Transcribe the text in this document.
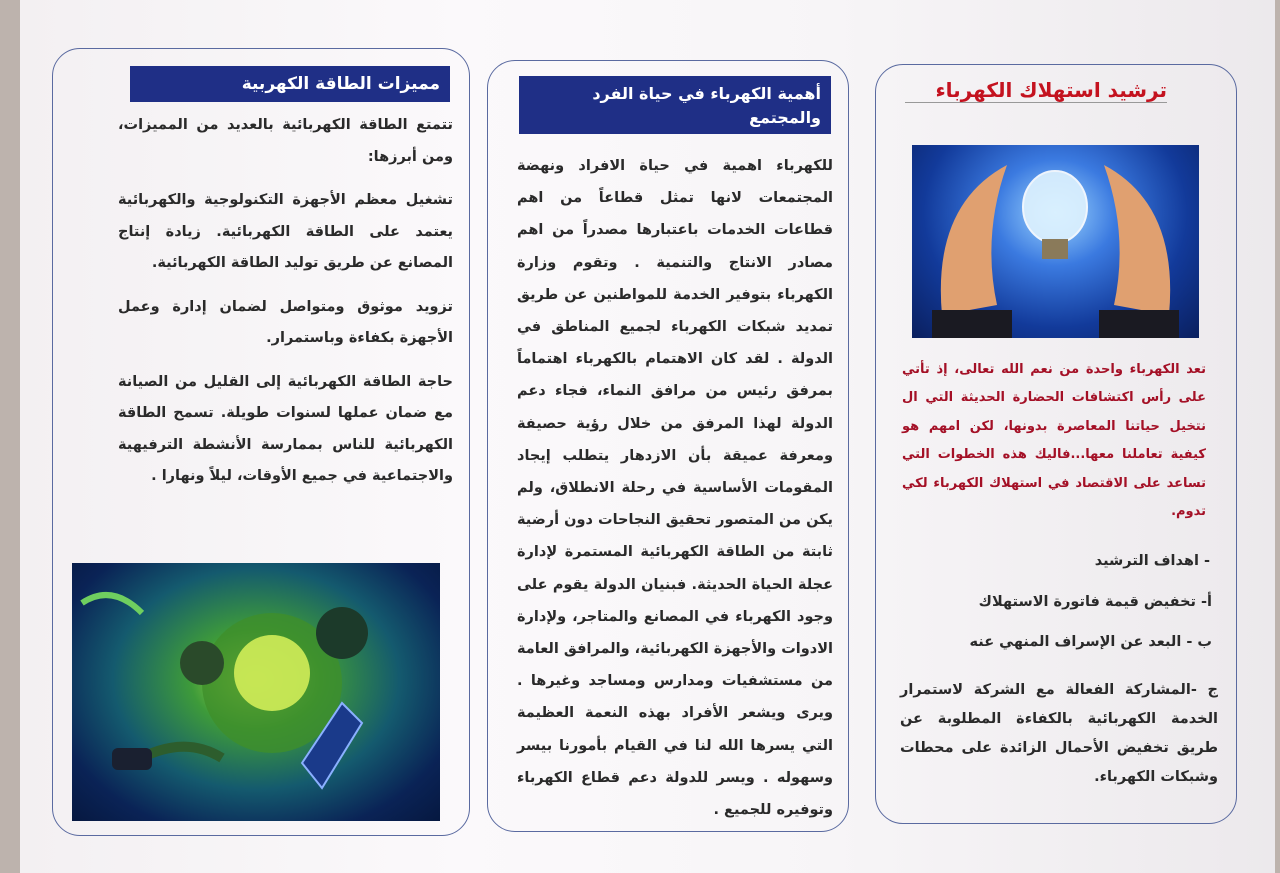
مميزات الطاقة الكهربية

تتمتع الطاقة الكهربائية بالعديد من المميزات، ومن أبرزها:

تشغيل معظم الأجهزة التكنولوجية والكهربائية يعتمد على الطاقة الكهربائية. زيادة إنتاج المصانع عن طريق توليد الطاقة الكهربائية.

تزويد موثوق ومتواصل لضمان إدارة وعمل الأجهزة بكفاءة وباستمرار.

حاجة الطاقة الكهربائية إلى القليل من الصيانة مع ضمان عملها لسنوات طويلة. تسمح الطاقة الكهربائية للناس بممارسة الأنشطة الترفيهية والاجتماعية في جميع الأوقات، ليلاً ونهارا .

أهمية الكهرباء في حياة الفرد والمجتمع

للكهرباء اهمية في حياة الافراد ونهضة المجتمعات لانها تمثل قطاعاً من اهم قطاعات الخدمات باعتبارها مصدراً من اهم مصادر الانتاج والتنمية . وتقوم وزارة الكهرباء بتوفير الخدمة للمواطنين عن طريق تمديد شبكات الكهرباء لجميع المناطق في الدولة . لقد كان الاهتمام بالكهرباء اهتماماً بمرفق رئيس من مرافق النماء، فجاء دعم الدولة لهذا المرفق من خلال رؤية حصيفة ومعرفة عميقة بأن الازدهار يتطلب إيجاد المقومات الأساسية في رحلة الانطلاق، ولم يكن من المتصور تحقيق النجاحات دون أرضية ثابتة من الطاقة الكهربائية المستمرة لإدارة عجلة الحياة الحديثة. فبنيان الدولة يقوم على وجود الكهرباء في المصانع والمتاجر، ولإدارة الادوات والأجهزة الكهربائية، والمرافق العامة من مستشفيات ومدارس ومساجد وغيرها . ويرى ويشعر الأفراد بهذه النعمة العظيمة التي يسرها الله لنا في القيام بأمورنا بيسر وسهوله . ويسر للدولة دعم قطاع الكهرباء وتوفيره للجميع .

ترشيد استهلاك الكهرباء

تعد الكهرباء واحدة من نعم الله تعالى، إذ تأتي على رأس اكتشافات الحضارة الحديثة التي ال نتخيل حياتنا المعاصرة بدونها، لكن امهم هو كيفية تعاملنا معها...فاليك هذه الخطوات التي تساعد على الاقتصاد في استهلاك الكهرباء لكي تدوم.

- اهداف الترشيد
أ- تخفيض قيمة فاتورة الاستهلاك
ب - البعد عن الإسراف المنهي عنه
ج -المشاركة الفعالة مع الشركة لاستمرار الخدمة الكهربائية بالكفاءة المطلوبة عن طريق تخفيض الأحمال الزائدة على محطات وشبكات الكهرباء.
